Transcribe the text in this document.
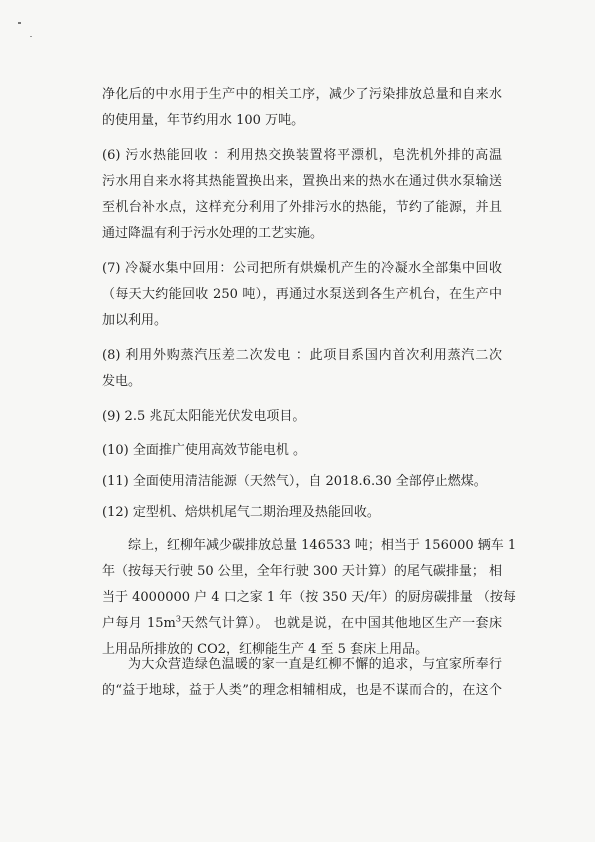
净化后的中水用于生产中的相关工序，减少了污染排放总量和自来水
的使用量，年节约用水 100 万吨。

(6) 污水热能回收 ：利用热交换装置将平漂机，皂洗机外排的高温
污水用自来水将其热能置换出来，置换出来的热水在通过供水泵输送
至机台补水点，这样充分利用了外排污水的热能，节约了能源，并且
通过降温有利于污水处理的工艺实施。

(7) 冷凝水集中回用：公司把所有烘燥机产生的冷凝水全部集中回收
（每天大约能回收 250 吨），再通过水泵送到各生产机台，在生产中
加以利用。

(8) 利用外购蒸汽压差二次发电 ：此项目系国内首次利用蒸汽二次
发电。

(9) 2.5 兆瓦太阳能光伏发电项目。

(10) 全面推广使用高效节能电机 。

(11) 全面使用清洁能源（天然气），自 2018.6.30 全部停止燃煤。

(12) 定型机、焙烘机尾气二期治理及热能回收。

综上，红柳年减少碳排放总量 146533 吨；相当于 156000 辆车 1
年（按每天行驶 50 公里，全年行驶 300 天计算）的尾气碳排量； 相
当于 4000000 户 4 口之家 1 年（按 350 天/年）的厨房碳排量 （按每
户每月 $15m^3$天然气计算）。 也就是说，在中国其他地区生产一套床
上用品所排放的 CO2，红柳能生产 4 至 5 套床上用品。

为大众营造绿色温暖的家一直是红柳不懈的追求，与宜家所奉行
的“益于地球，益于人类”的理念相辅相成，也是不谋而合的，在这个
